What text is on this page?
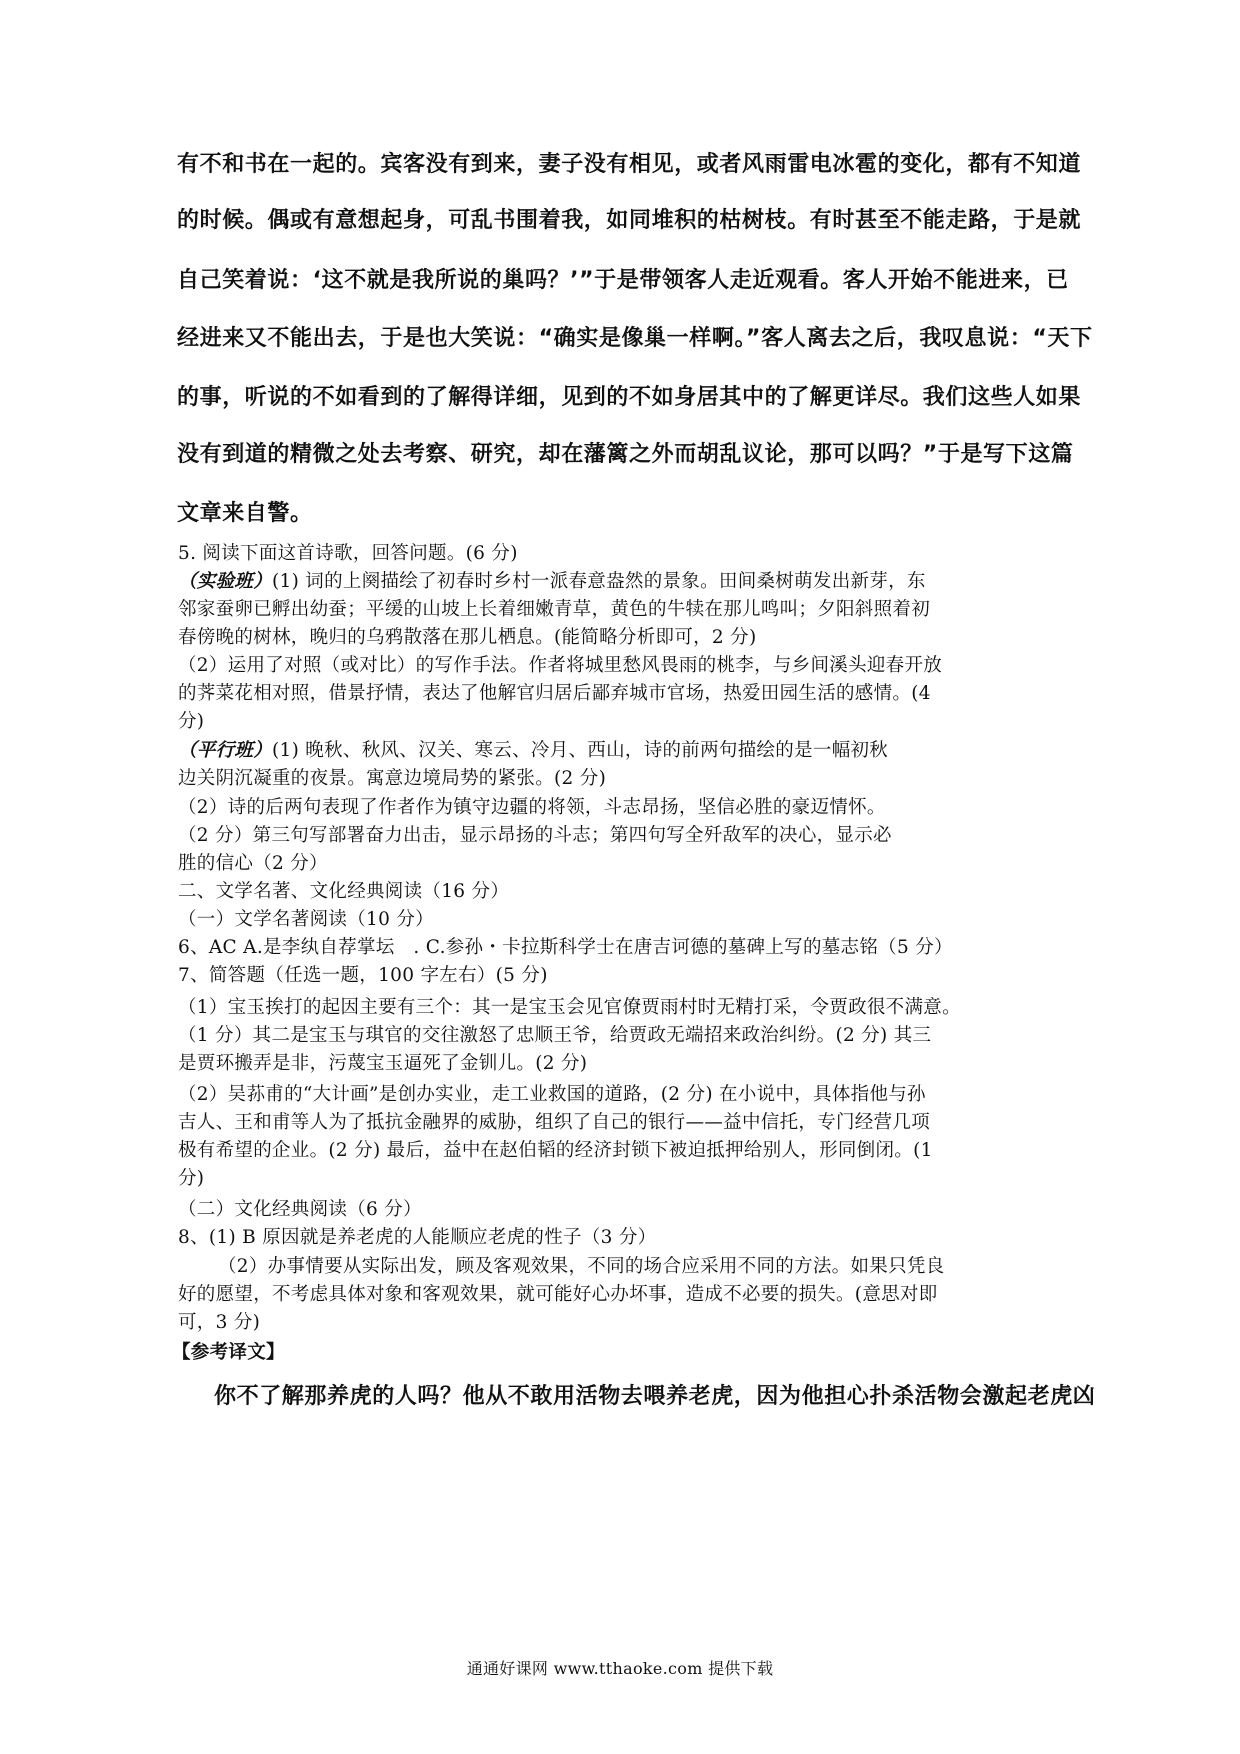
有不和书在一起的。宾客没有到来，妻子没有相见，或者风雨雷电冰雹的变化，都有不知道
的时候。偶或有意想起身，可乱书围着我，如同堆积的枯树枝。有时甚至不能走路，于是就
自己笑着说：‘这不就是我所说的巢吗？’”于是带领客人走近观看。客人开始不能进来，已
经进来又不能出去，于是也大笑说：“确实是像巢一样啊。”客人离去之后，我叹息说：“天下
的事，听说的不如看到的了解得详细，见到的不如身居其中的了解更详尽。我们这些人如果
没有到道的精微之处去考察、研究，却在藩篱之外而胡乱议论，那可以吗？”于是写下这篇
文章来自警。
5. 阅读下面这首诗歌，回答问题。(6 分)
（实验班）(1) 词的上阕描绘了初春时乡村一派春意盎然的景象。田间桑树萌发出新芽，东
邻家蚕卵已孵出幼蚕；平缓的山坡上长着细嫩青草，黄色的牛犊在那儿鸣叫；夕阳斜照着初
春傍晚的树林，晚归的乌鸦散落在那儿栖息。(能简略分析即可，2 分)
（2）运用了对照（或对比）的写作手法。作者将城里愁风畏雨的桃李，与乡间溪头迎春开放
的荠菜花相对照，借景抒情，表达了他解官归居后鄙弃城市官场，热爱田园生活的感情。(4
分)
（平行班）(1) 晚秋、秋风、汉关、寒云、冷月、西山，诗的前两句描绘的是一幅初秋
边关阴沉凝重的夜景。寓意边境局势的紧张。(2 分)
（2）诗的后两句表现了作者作为镇守边疆的将领，斗志昂扬，坚信必胜的豪迈情怀。
（2 分）第三句写部署奋力出击，显示昂扬的斗志；第四句写全歼敌军的决心，显示必
胜的信心（2 分）
二、文学名著、文化经典阅读（16 分）
（一）文学名著阅读（10 分）
6、AC A.是李纨自荐掌坛　. C.参孙・卡拉斯科学士在唐吉诃德的墓碑上写的墓志铭（5 分）
7、简答题（任选一题，100 字左右）(5 分)
（1）宝玉挨打的起因主要有三个：其一是宝玉会见官僚贾雨村时无精打采，令贾政很不满意。
（1 分）其二是宝玉与琪官的交往激怒了忠顺王爷，给贾政无端招来政治纠纷。(2 分) 其三
是贾环搬弄是非，污蔑宝玉逼死了金钏儿。(2 分)
（2）吴荪甫的“大计画”是创办实业，走工业救国的道路，(2 分) 在小说中，具体指他与孙
吉人、王和甫等人为了抵抗金融界的威胁，组织了自己的银行——益中信托，专门经营几项
极有希望的企业。(2 分) 最后，益中在赵伯韬的经济封锁下被迫抵押给别人，形同倒闭。(1
分)
（二）文化经典阅读（6 分）
8、(1) B 原因就是养老虎的人能顺应老虎的性子（3 分）
（2）办事情要从实际出发，顾及客观效果，不同的场合应采用不同的方法。如果只凭良
好的愿望，不考虑具体对象和客观效果，就可能好心办坏事，造成不必要的损失。(意思对即
可，3 分)
【参考译文】
你不了解那养虎的人吗？他从不敢用活物去喂养老虎，因为他担心扑杀活物会激起老虎凶
通通好课网 www.tthaoke.com 提供下载
